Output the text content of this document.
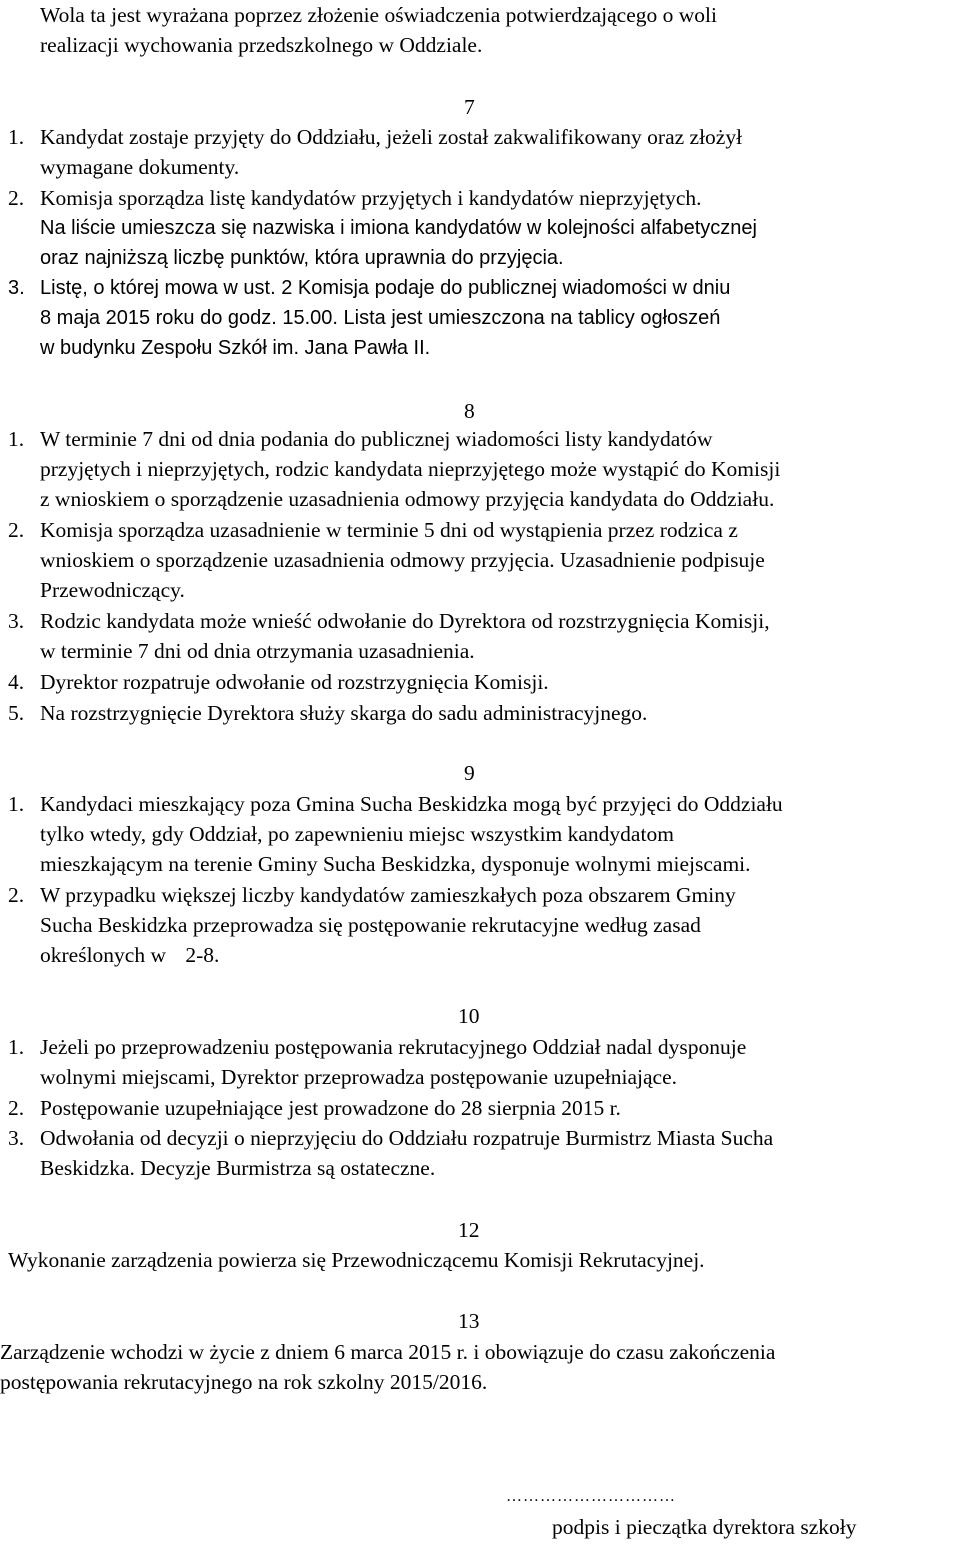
Wola ta jest wyrażana poprzez złożenie oświadczenia potwierdzającego o woli
realizacji wychowania przedszkolnego w Oddziale.
7
1. Kandydat zostaje przyjęty do Oddziału, jeżeli został zakwalifikowany oraz złożył
wymagane dokumenty.
2. Komisja sporządza listę kandydatów przyjętych i kandydatów nieprzyjętych.
Na liście umieszcza się nazwiska i imiona kandydatów w kolejności alfabetycznej
oraz najniższą liczbę punktów, która uprawnia do przyjęcia.
3. Listę, o której mowa w ust. 2 Komisja podaje do publicznej wiadomości w dniu
8 maja 2015 roku do godz. 15.00. Lista jest umieszczona na tablicy ogłoszeń
w budynku Zespołu Szkół im. Jana Pawła II.
8
1. W terminie 7 dni od dnia podania do publicznej wiadomości listy kandydatów
przyjętych i nieprzyjętych, rodzic kandydata nieprzyjętego może wystąpić do Komisji
z wnioskiem o sporządzenie uzasadnienia odmowy przyjęcia kandydata do Oddziału.
2. Komisja sporządza uzasadnienie w terminie 5 dni od wystąpienia przez rodzica z
wnioskiem o sporządzenie uzasadnienia odmowy przyjęcia. Uzasadnienie podpisuje
Przewodniczący.
3. Rodzic kandydata może wnieść odwołanie do Dyrektora od rozstrzygnięcia Komisji,
w terminie 7 dni od dnia otrzymania uzasadnienia.
4. Dyrektor rozpatruje odwołanie od rozstrzygnięcia Komisji.
5. Na rozstrzygnięcie Dyrektora służy skarga do sadu administracyjnego.
9
1. Kandydaci mieszkający poza Gmina Sucha Beskidzka mogą być przyjęci do Oddziału
tylko wtedy, gdy Oddział, po zapewnieniu miejsc wszystkim kandydatom
mieszkającym na terenie Gminy Sucha Beskidzka, dysponuje wolnymi miejscami.
2. W przypadku większej liczby kandydatów zamieszkałych poza obszarem Gminy
Sucha Beskidzka przeprowadza się postępowanie rekrutacyjne według zasad
określonych w 2-8.
10
1. Jeżeli po przeprowadzeniu postępowania rekrutacyjnego Oddział nadal dysponuje
wolnymi miejscami, Dyrektor przeprowadza postępowanie uzupełniające.
2. Postępowanie uzupełniające jest prowadzone do 28 sierpnia 2015 r.
3. Odwołania od decyzji o nieprzyjęciu do Oddziału rozpatruje Burmistrz Miasta Sucha
Beskidzka. Decyzje Burmistrza są ostateczne.
12
Wykonanie zarządzenia powierza się Przewodniczącemu Komisji Rekrutacyjnej.
13
Zarządzenie wchodzi w życie z dniem 6 marca 2015 r. i obowiązuje do czasu zakończenia
postępowania rekrutacyjnego na rok szkolny 2015/2016.
…………………………
podpis i pieczątka dyrektora szkoły
